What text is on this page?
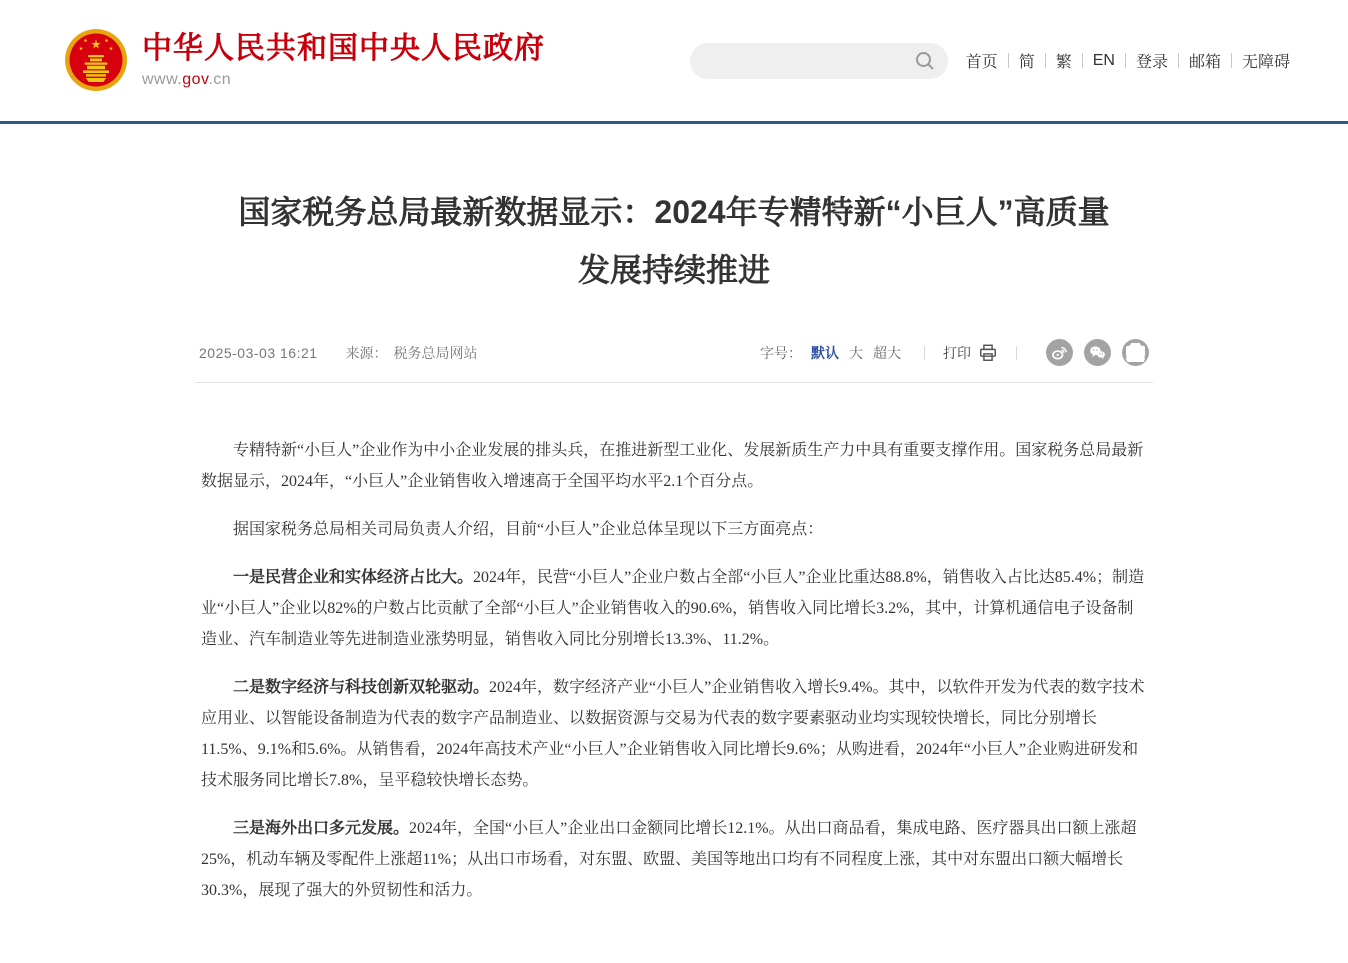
中华人民共和国中央人民政府
www.gov.cn
首页 简 繁 EN 登录 邮箱 无障碍
国家税务总局最新数据显示：2024年专精特新“小巨人”高质量发展持续推进
2025-03-03 16:21 来源： 税务总局网站	字号： 默认 大 超大	打印

专精特新“小巨人”企业作为中小企业发展的排头兵，在推进新型工业化、发展新质生产力中具有重要支撑作用。国家税务总局最新数据显示，2024年，“小巨人”企业销售收入增速高于全国平均水平2.1个百分点。

据国家税务总局相关司局负责人介绍，目前“小巨人”企业总体呈现以下三方面亮点：

一是民营企业和实体经济占比大。2024年，民营“小巨人”企业户数占全部“小巨人”企业比重达88.8%，销售收入占比达85.4%；制造业“小巨人”企业以82%的户数占比贡献了全部“小巨人”企业销售收入的90.6%，销售收入同比增长3.2%，其中，计算机通信电子设备制造业、汽车制造业等先进制造业涨势明显，销售收入同比分别增长13.3%、11.2%。

二是数字经济与科技创新双轮驱动。2024年，数字经济产业“小巨人”企业销售收入增长9.4%。其中，以软件开发为代表的数字技术应用业、以智能设备制造为代表的数字产品制造业、以数据资源与交易为代表的数字要素驱动业均实现较快增长，同比分别增长11.5%、9.1%和5.6%。从销售看，2024年高技术产业“小巨人”企业销售收入同比增长9.6%；从购进看，2024年“小巨人”企业购进研发和技术服务同比增长7.8%，呈平稳较快增长态势。

三是海外出口多元发展。2024年，全国“小巨人”企业出口金额同比增长12.1%。从出口商品看，集成电路、医疗器具出口额上涨超25%，机动车辆及零配件上涨超11%；从出口市场看，对东盟、欧盟、美国等地出口均有不同程度上涨，其中对东盟出口额大幅增长30.3%，展现了强大的外贸韧性和活力。
